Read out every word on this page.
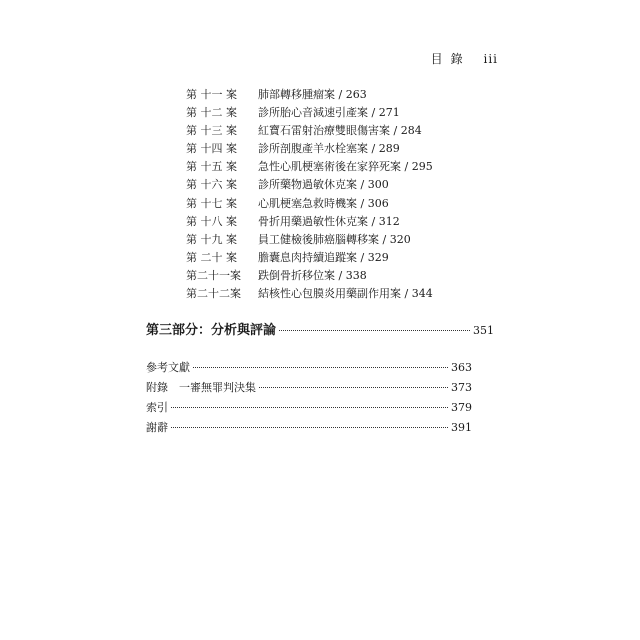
目錄 iii
第 十一 案	肺部轉移腫瘤案 / 263
第 十二 案	診所胎心音減速引產案 / 271
第 十三 案	紅寶石雷射治療雙眼傷害案 / 284
第 十四 案	診所剖腹產羊水栓塞案 / 289
第 十五 案	急性心肌梗塞術後在家猝死案 / 295
第 十六 案	診所藥物過敏休克案 / 300
第 十七 案	心肌梗塞急救時機案 / 306
第 十八 案	骨折用藥過敏性休克案 / 312
第 十九 案	員工健檢後肺癌腦轉移案 / 320
第 二十 案	膽囊息肉持續追蹤案 / 329
第二十一案	跌倒骨折移位案 / 338
第二十二案	結核性心包膜炎用藥副作用案 / 344
第三部分：分析與評論	351
參考文獻	363
附錄　一審無罪判決集	373
索引	379
謝辭	391
